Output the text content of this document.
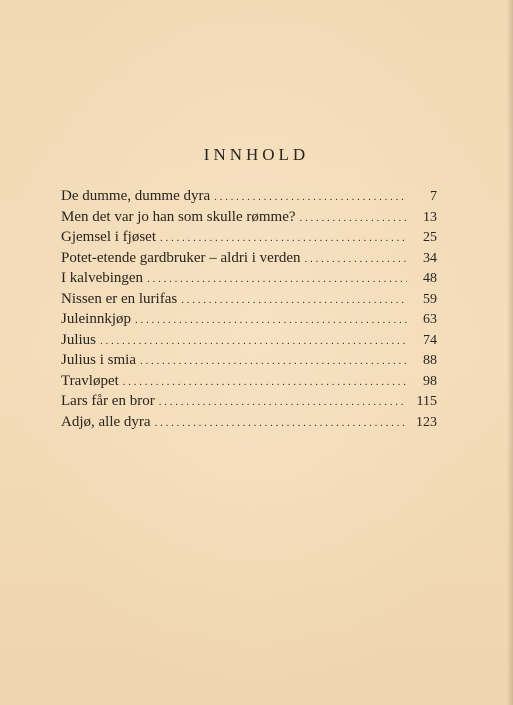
INNHOLD
De dumme, dumme dyra . . .	7
Men det var jo han som skulle rømme? . . .	13
Gjemsel i fjøset . . .	25
Potet-etende gardbruker – aldri i verden . . .	34
I kalvebingen . . .	48
Nissen er en lurifas . . .	59
Juleinnkjøp . . .	63
Julius . . .	74
Julius i smia . . .	88
Travløpet . . .	98
Lars får en bror . . .	115
Adjø, alle dyra . . .	123
